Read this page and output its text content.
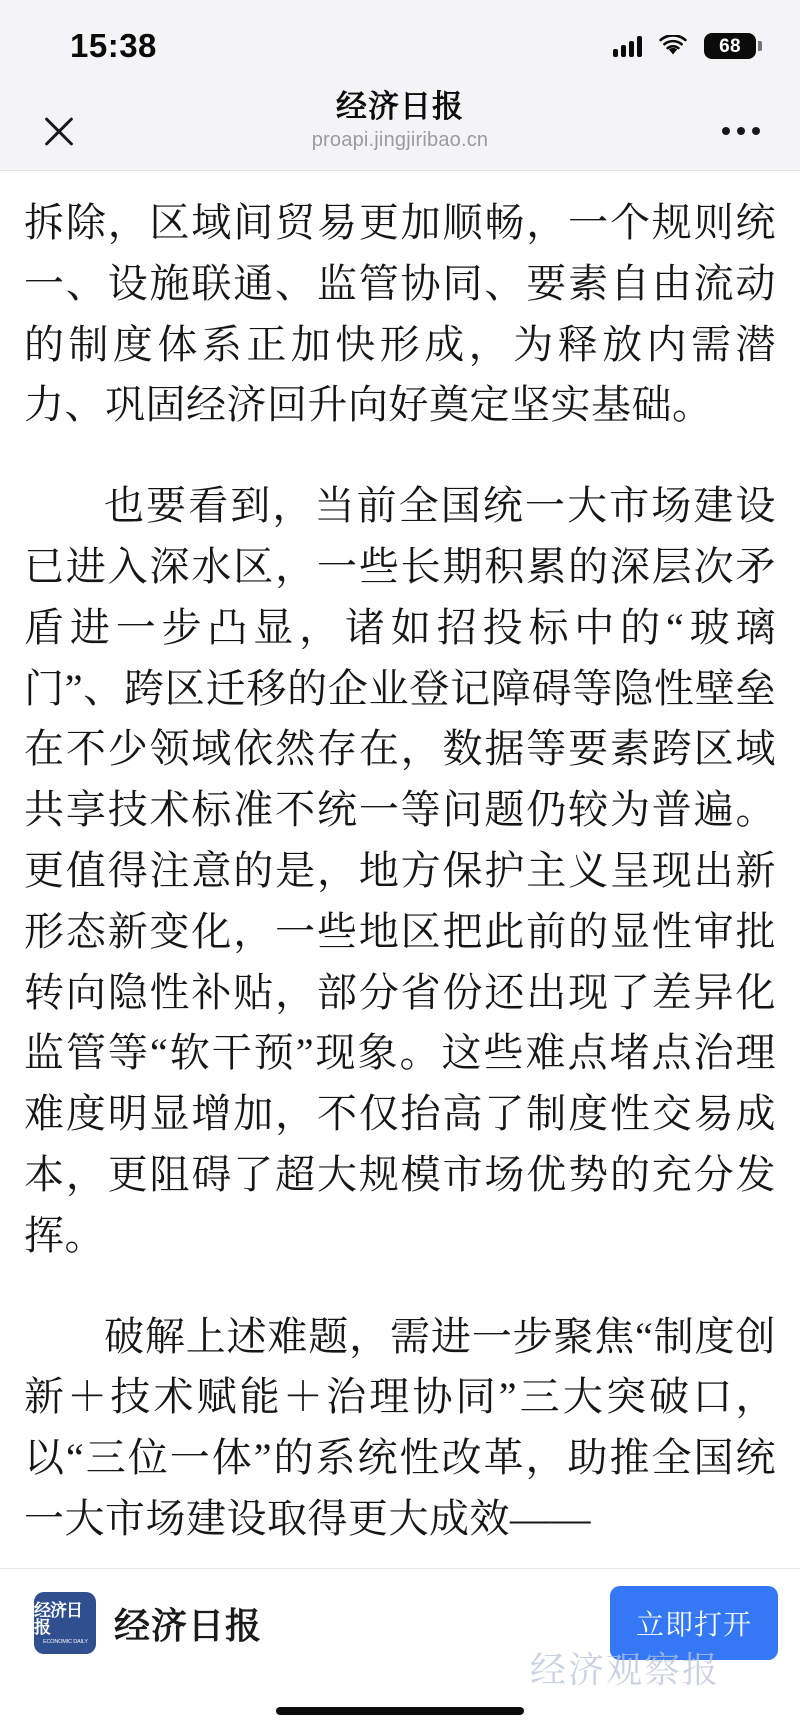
15:38	68
经济日报
proapi.jingjiribao.cn

拆除，区域间贸易更加顺畅，一个规则统一、设施联通、监管协同、要素自由流动的制度体系正加快形成，为释放内需潜力、巩固经济回升向好奠定坚实基础。

也要看到，当前全国统一大市场建设已进入深水区，一些长期积累的深层次矛盾进一步凸显，诸如招投标中的“玻璃门”、跨区迁移的企业登记障碍等隐性壁垒在不少领域依然存在，数据等要素跨区域共享技术标准不统一等问题仍较为普遍。更值得注意的是，地方保护主义呈现出新形态新变化，一些地区把此前的显性审批转向隐性补贴，部分省份还出现了差异化监管等“软干预”现象。这些难点堵点治理难度明显增加，不仅抬高了制度性交易成本，更阻碍了超大规模市场优势的充分发挥。

破解上述难题，需进一步聚焦“制度创新＋技术赋能＋治理协同”三大突破口，以“三位一体”的系统性改革，助推全国统一大市场建设取得更大成效——

经济日报
ECONOMIC DAILY 经济日报	立即打开
经济观察报
